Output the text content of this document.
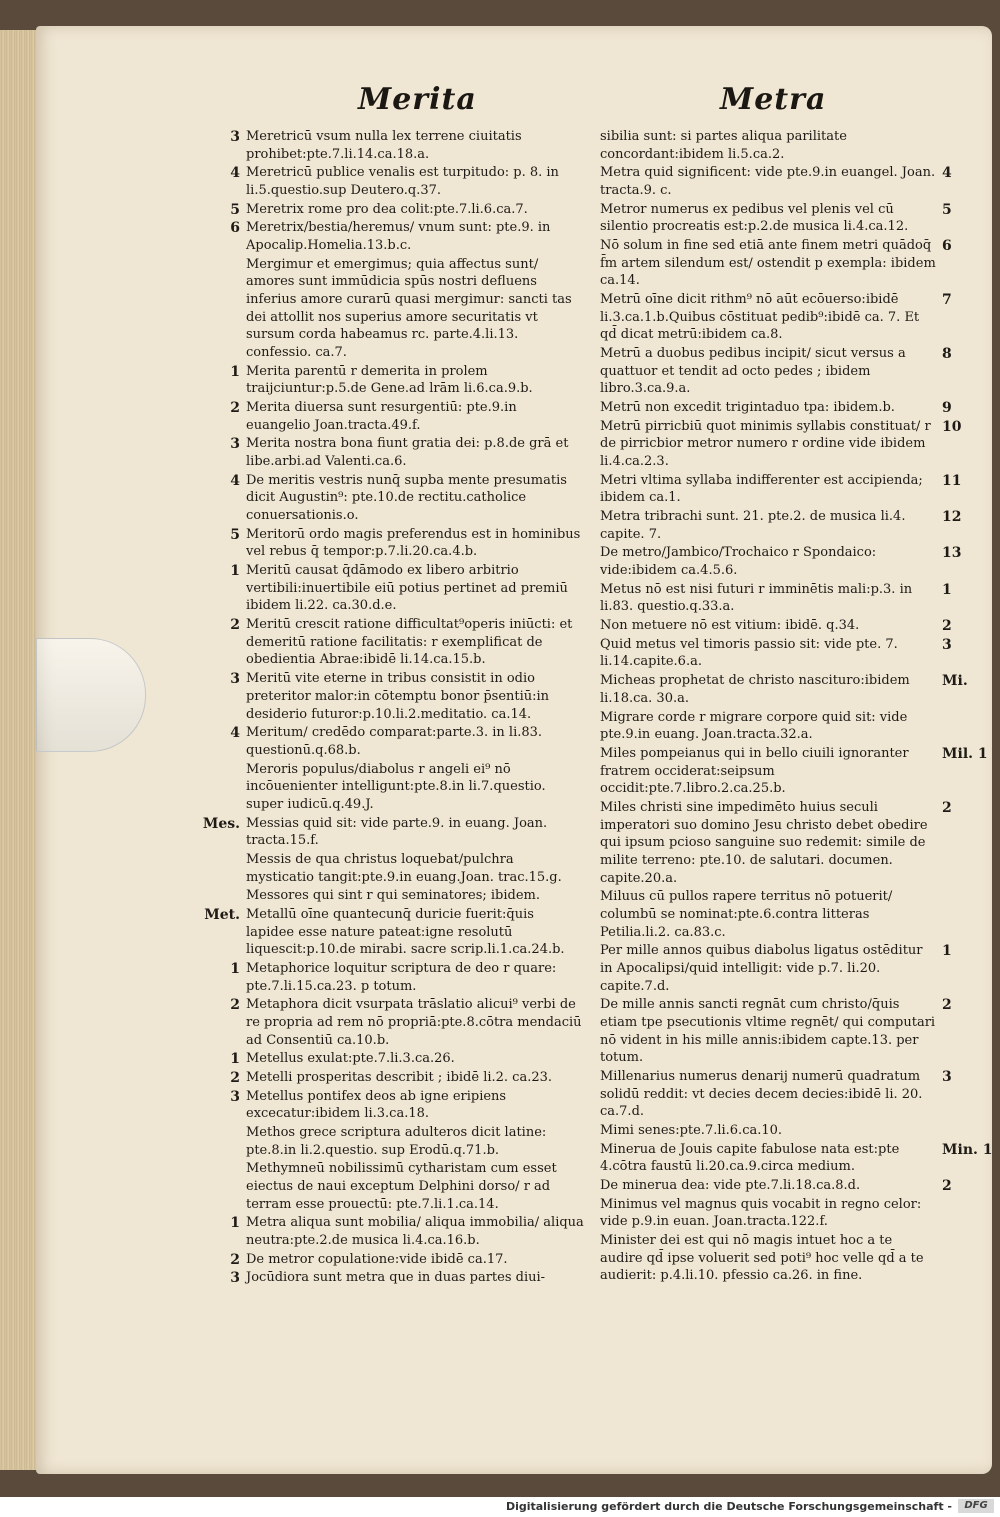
Merita	Metra
3 Meretricū vsum nulla lex terrene ciuitatis prohibet:pte.7.li.14.ca.18.a.
4 Meretricū publice venalis est turpitudo: p. 8. in li.5.questio.sup Deutero.q.37.
5 Meretrix rome pro dea colit:pte.7.li.6.ca.7.
6 Meretrix/bestia/heremus/ vnum sunt: pte.9. in Apocalip.Homelia.13.b.c.
Mergimur et emergimus; quia affectus sunt/ amores sunt immūdicia spūs nostri defluens inferius amore curarū quasi mergimur: sancti tas dei attollit nos superius amore securitatis vt sursum corda habeamus rc. parte.4.li.13. confessio. ca.7.
1 Merita parentū r demerita in prolem traijciuntur:p.5.de Gene.ad lrām li.6.ca.9.b.
2 Merita diuersa sunt resurgentiū: pte.9.in euangelio Joan.tracta.49.f.
3 Merita nostra bona fiunt gratia dei: p.8.de grā et libe.arbi.ad Valenti.ca.6.
4 De meritis vestris nunq̄ supba mente presumatis dicit Augustin⁹: pte.10.de rectitu.catholice conuersationis.o.
5 Meritorū ordo magis preferendus est in hominibus vel rebus q̄ tempor:p.7.li.20.ca.4.b.
1 Meritū causat q̄dāmodo ex libero arbitrio vertibili:inuertibile eiū potius pertinet ad premiū ibidem li.22. ca.30.d.e.
2 Meritū crescit ratione difficultat⁹operis iniūcti: et demeritū ratione facilitatis: r exemplificat de obedientia Abrae:ibidē li.14.ca.15.b.
3 Meritū vite eterne in tribus consistit in odio preteritor malor:in cōtemptu bonor p̄sentiū:in desiderio futuror:p.10.li.2.meditatio. ca.14.
4 Meritum/ credēdo comparat:parte.3. in li.83. questionū.q.68.b.
Meroris populus/diabolus r angeli ei⁹ nō incōuenienter intelligunt:pte.8.in li.7.questio. super iudicū.q.49.J.
Mes. Messias quid sit: vide parte.9. in euang. Joan. tracta.15.f.
Messis de qua christus loquebat/pulchra mysticatio tangit:pte.9.in euang.Joan. trac.15.g.
Messores qui sint r qui seminatores; ibidem.
Met. Metallū oīne quantecunq̄ duricie fuerit:q̄uis lapidee esse nature pateat:igne resolutū liquescit:p.10.de mirabi. sacre scrip.li.1.ca.24.b.
1 Metaphorice loquitur scriptura de deo r quare: pte.7.li.15.ca.23. p totum.
2 Metaphora dicit vsurpata trāslatio alicui⁹ verbi de re propria ad rem nō propriā:pte.8.cōtra mendaciū ad Consentiū ca.10.b.
1 Metellus exulat:pte.7.li.3.ca.26.
2 Metelli prosperitas describit ; ibidē li.2. ca.23.
3 Metellus pontifex deos ab igne eripiens excecatur:ibidem li.3.ca.18.
Methos grece scriptura adulteros dicit latine: pte.8.in li.2.questio. sup Erodū.q.71.b.
Methymneū nobilissimū cytharistam cum esset eiectus de naui exceptum Delphini dorso/ r ad terram esse prouectū: pte.7.li.1.ca.14.
1 Metra aliqua sunt mobilia/ aliqua immobilia/ aliqua neutra:pte.2.de musica li.4.ca.16.b.
2 De metror copulatione:vide ibidē ca.17.
3 Jocūdiora sunt metra que in duas partes diui-
sibilia sunt: si partes aliqua parilitate concordant:ibidem li.5.ca.2.
4
Metra quid significent: vide pte.9.in euangel. Joan. tracta.9. c.
5
Metror numerus ex pedibus vel plenis vel cū silentio procreatis est:p.2.de musica li.4.ca.12.
6
Nō solum in fine sed etiā ante finem metri quādoq̄ f̄m artem silendum est/ ostendit p exempla: ibidem ca.14.
7
Metrū oīne dicit rithm⁹ nō aūt ecōuerso:ibidē li.3.ca.1.b.Quibus cōstituat pedib⁹:ibidē ca. 7. Et qd̄ dicat metrū:ibidem ca.8.
8
Metrū a duobus pedibus incipit/ sicut versus a quattuor et tendit ad octo pedes ; ibidem libro.3.ca.9.a.
9
Metrū non excedit trigintaduo tpa: ibidem.b.
10
Metrū pirricbiū quot minimis syllabis constituat/ r de pirricbior metror numero r ordine vide ibidem li.4.ca.2.3.
11
Metri vltima syllaba indifferenter est accipienda; ibidem ca.1.
12
Metra tribrachi sunt. 21. pte.2. de musica li.4. capite. 7.
13
De metro/Jambico/Trochaico r Spondaico: vide:ibidem ca.4.5.6.
1
Metus nō est nisi futuri r imminētis mali:p.3. in li.83. questio.q.33.a.
2
Non metuere nō est vitium: ibidē. q.34.
3
Quid metus vel timoris passio sit: vide pte. 7. li.14.capite.6.a.
Mi.
Micheas prophetat de christo nasciturо:ibidem li.18.ca. 30.a.
Migrare corde r migrare corpore quid sit: vide pte.9.in euang. Joan.tracta.32.a.
Mil. 1
Miles pompeianus qui in bello ciuili ignoranter fratrem occiderat:seipsum occidit:pte.7.libro.2.ca.25.b.
2
Miles christi sine impedimēto huius seculi imperatori suo domino Jesu christo debet obedire qui ipsum pcioso sanguine suo redemit: simile de milite terreno: pte.10. de salutari. documen. capite.20.a.
Miluus cū pullos rapere territus nō potuerit/ columbū se nominat:pte.6.contra litteras Petilia.li.2. ca.83.c.
1
Per mille annos quibus diabolus ligatus ostēditur in Apocalipsi/quid intelligit: vide p.7. li.20. capite.7.d.
2
De mille annis sancti regnāt cum christo/q̄uis etiam tpe psecutionis vltime regnēt/ qui computari nō vident in his mille annis:ibidem capte.13. per totum.
3
Millenarius numerus denarij numerū quadratum solidū reddit: vt decies decem decies:ibidē li. 20. ca.7.d.
Mimi senes:pte.7.li.6.ca.10.
Min. 1
Mineruа de Jouis capite fabulose nata est:pte 4.cōtra faustū li.20.ca.9.circa medium.
2
De minerua dea: vide pte.7.li.18.ca.8.d.
Minimus vel magnus quis vocabit in regno celor: vide p.9.in euan. Joan.tracta.122.f.
Minister dei est qui nō magis intuet hoc a te audire qd̄ ipse voluerit sed poti⁹ hoc velle qd̄ a te audierit: p.4.li.10. pfessio ca.26. in fine.
Digitalisierung gefördert durch die Deutsche Forschungsgemeinschaft -	DFG
